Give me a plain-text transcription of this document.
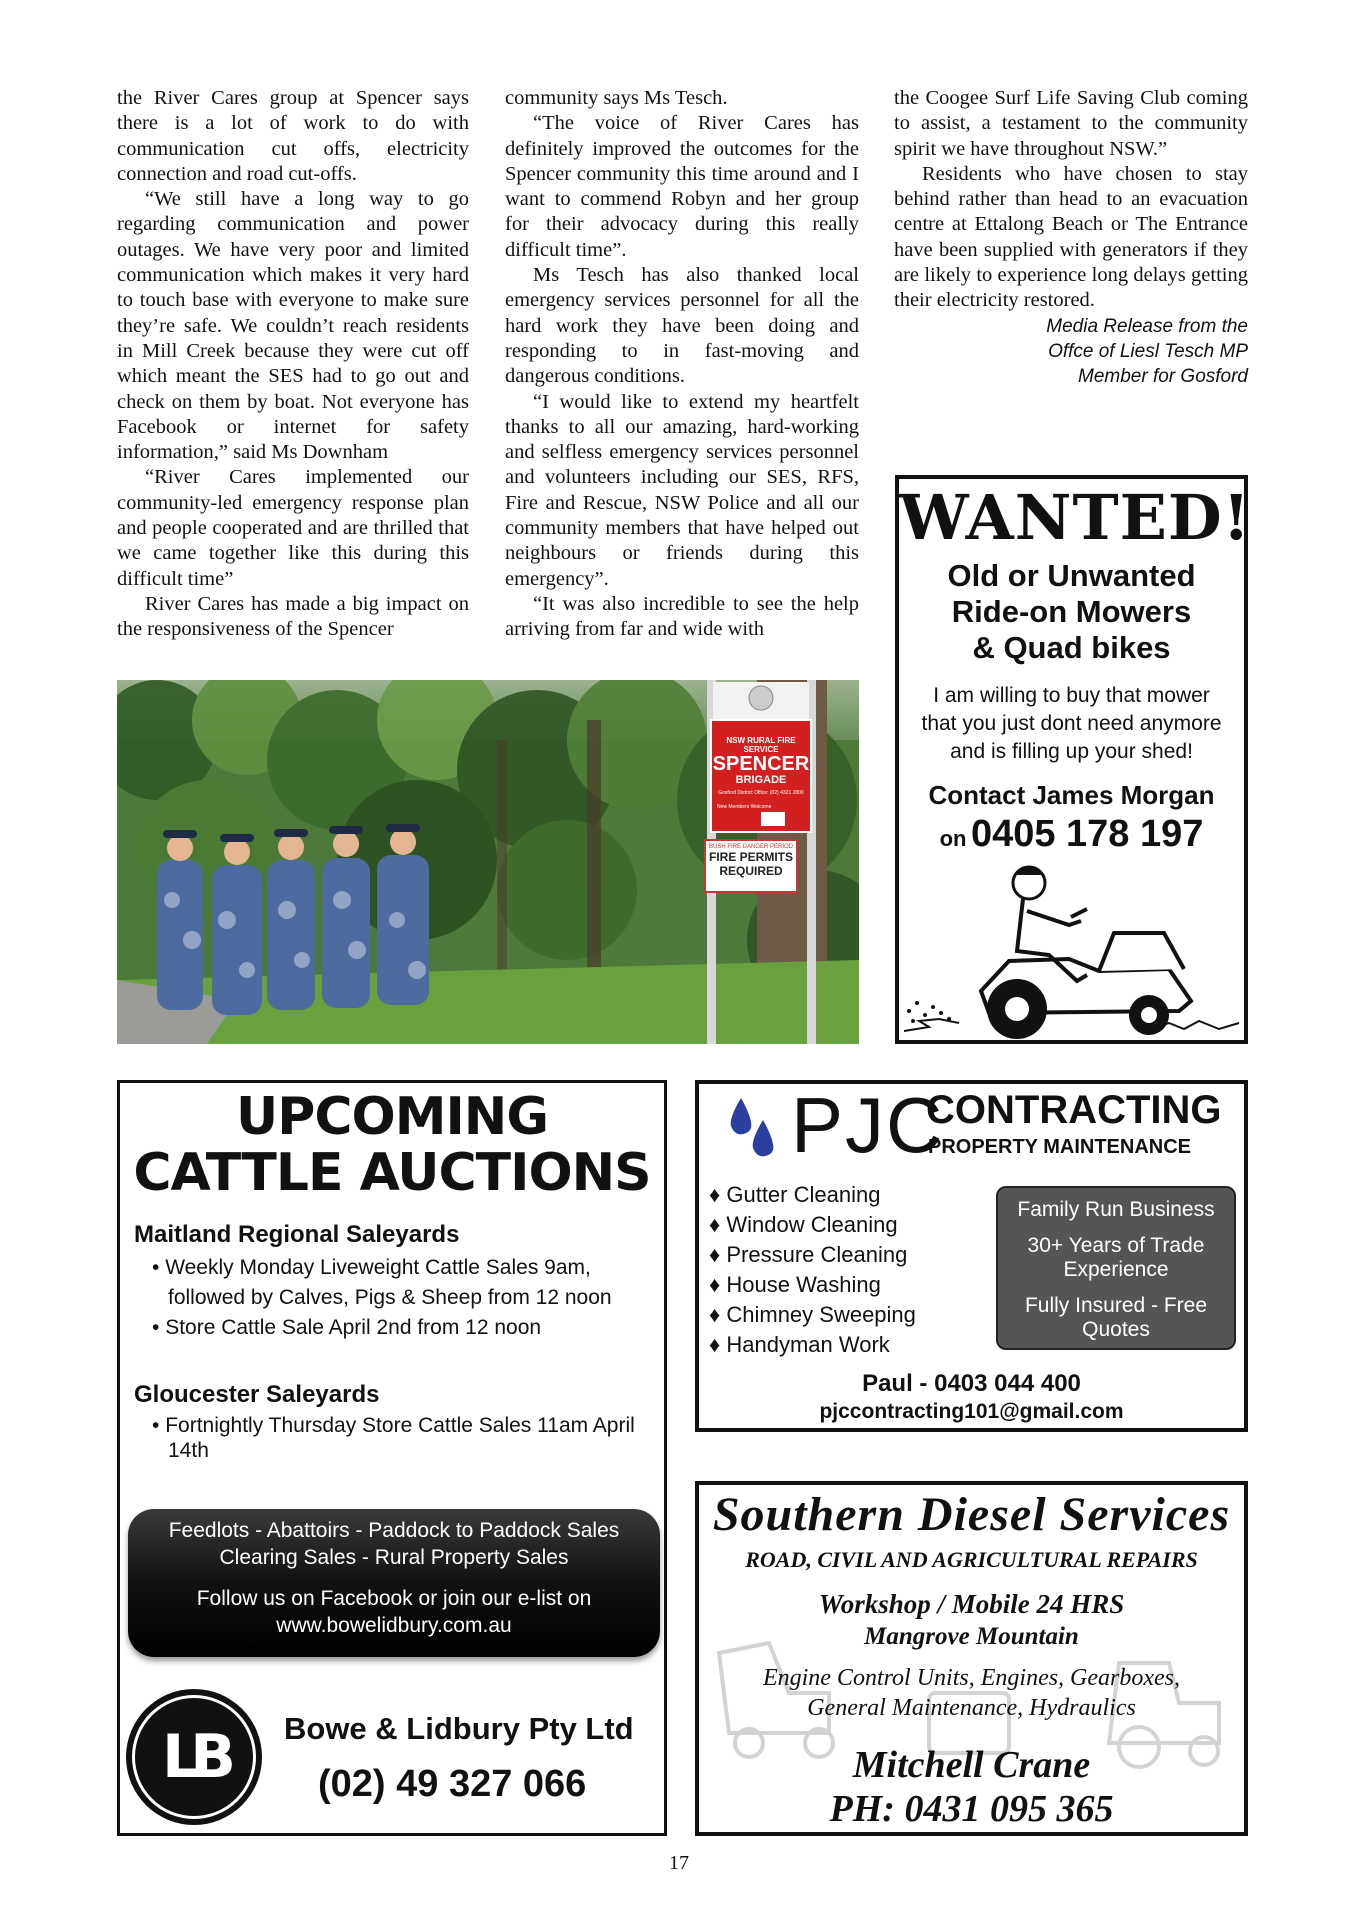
the River Cares group at Spencer says there is a lot of work to do with communication cut offs, electricity connection and road cut-offs.

“We still have a long way to go regarding communication and power outages. We have very poor and limited communication which makes it very hard to touch base with everyone to make sure they’re safe. We couldn’t reach residents in Mill Creek because they were cut off which meant the SES had to go out and check on them by boat. Not everyone has Facebook or internet for safety information,” said Ms Downham

“River Cares implemented our community-led emergency response plan and people cooperated and are thrilled that we came together like this during this difficult time”

River Cares has made a big impact on the responsiveness of the Spencer

community says Ms Tesch.

“The voice of River Cares has definitely improved the outcomes for the Spencer community this time around and I want to commend Robyn and her group for their advocacy during this really difficult time”.

Ms Tesch has also thanked local emergency services personnel for all the hard work they have been doing and responding to in fast-moving and dangerous conditions.

“I would like to extend my heartfelt thanks to all our amazing, hard-working and selfless emergency services personnel and volunteers including our SES, RFS, Fire and Rescue, NSW Police and all our community members that have helped out neighbours or friends during this emergency”.

“It was also incredible to see the help arriving from far and wide with

the Coogee Surf Life Saving Club coming to assist, a testament to the community spirit we have throughout NSW.”

Residents who have chosen to stay behind rather than head to an evacuation centre at Ettalong Beach or The Entrance have been supplied with generators if they are likely to experience long delays getting their electricity restored.

Media Release from the

Offce of Liesl Tesch MP

Member for Gosford

NSW RURAL FIRE SERVICE
SPENCER
BRIGADE
Gosford District Office: (02) 4321 2800
New Members Welcome
BUSH FIRE DANGER PERIOD
FIRE PERMITS
REQUIRED
WANTED!
Old or Unwanted
Ride-on Mowers
& Quad bikes
I am willing to buy that mower
that you just dont need anymore
and is filling up your shed!
Contact James Morgan
on 0405 178 197
UPCOMING
CATTLE AUCTIONS
Maitland Regional Saleyards
• Weekly Monday Liveweight Cattle Sales 9am, followed by Calves, Pigs & Sheep from 12 noon
• Store Cattle Sale April 2nd from 12 noon
Gloucester Saleyards
• Fortnightly Thursday Store Cattle Sales 11am April 14th
Feedlots - Abattoirs - Paddock to Paddock Sales
Clearing Sales - Rural Property Sales
Follow us on Facebook or join our e-list on
www.bowelidbury.com.au
LB Bowe & Lidbury Pty Ltd
(02) 49 327 066
PJC
CONTRACTING
PROPERTY MAINTENANCE
♦ Gutter Cleaning
♦ Window Cleaning
♦ Pressure Cleaning
♦ House Washing
♦ Chimney Sweeping
♦ Handyman Work
Family Run Business
30+ Years of Trade Experience
Fully Insured - Free Quotes
Paul - 0403 044 400
pjccontracting101@gmail.com
Southern Diesel Services
ROAD, CIVIL AND AGRICULTURAL REPAIRS
Workshop / Mobile 24 HRS
Mangrove Mountain
Engine Control Units, Engines, Gearboxes,
General Maintenance, Hydraulics
Mitchell Crane
PH: 0431 095 365
17
